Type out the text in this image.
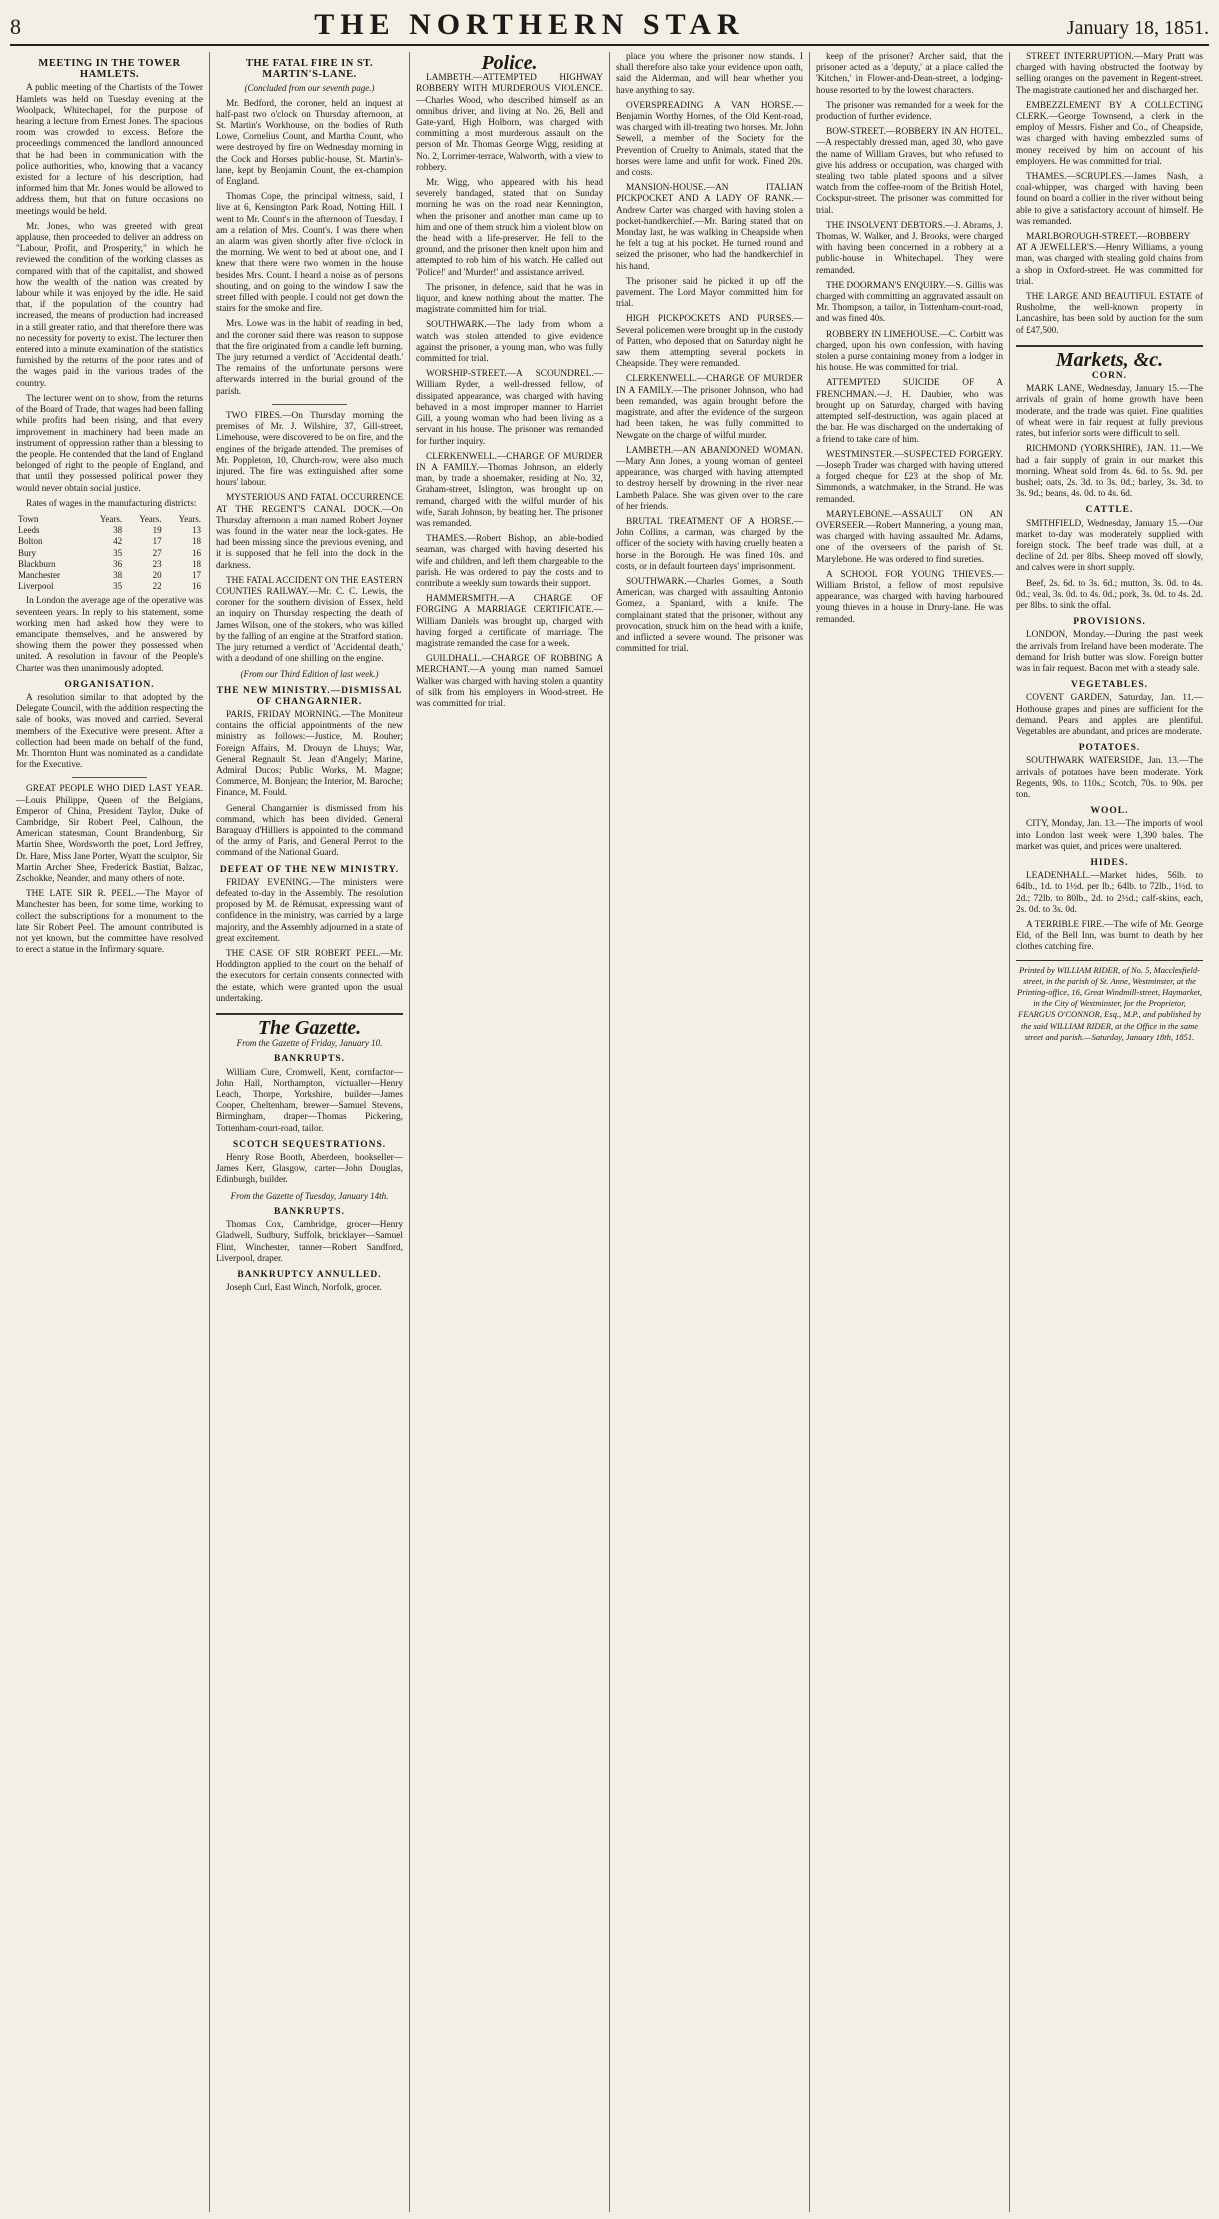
8	THE NORTHERN STAR	January 18, 1851.
MEETING IN THE TOWER HAMLETS.

A public meeting of the Chartists of the Tower Hamlets was held on Tuesday evening at the Woolpack, Whitechapel, for the purpose of hearing a lecture from Ernest Jones. The spacious room was crowded to excess. Before the proceedings commenced the landlord announced that he had been in communication with the police authorities, who, knowing that a vacancy existed for a lecture of his description, had informed him that Mr. Jones would be allowed to address them, but that on future occasions no meetings would be held.

Mr. Jones, who was greeted with great applause, then proceeded to deliver an address on "Labour, Profit, and Prosperity," in which he reviewed the condition of the working classes as compared with that of the capitalist, and showed how the wealth of the nation was created by labour while it was enjoyed by the idle. He said that, if the population of the country had increased, the means of production had increased in a still greater ratio, and that therefore there was no necessity for poverty to exist. The lecturer then entered into a minute examination of the statistics furnished by the returns of the poor rates and of the wages paid in the various trades of the country.

The lecturer went on to show, from the returns of the Board of Trade, that wages had been falling while profits had been rising, and that every improvement in machinery had been made an instrument of oppression rather than a blessing to the people. He contended that the land of England belonged of right to the people of England, and that until they possessed political power they would never obtain social justice.

Rates of wages in the manufacturing districts:

Town	Years.	Years.	Years.
Leeds	38	19	13
Bolton	42	17	18
Bury	35	27	16
Blackburn	36	23	18
Manchester	38	20	17
Liverpool	35	22	16

In London the average age of the operative was seventeen years. In reply to his statement, some working men had asked how they were to emancipate themselves, and he answered by showing them the power they possessed when united. A resolution in favour of the People's Charter was then unanimously adopted.

ORGANISATION.

A resolution similar to that adopted by the Delegate Council, with the addition respecting the sale of books, was moved and carried. Several members of the Executive were present. After a collection had been made on behalf of the fund, Mr. Thornton Hunt was nominated as a candidate for the Executive.

GREAT PEOPLE WHO DIED LAST YEAR.—Louis Philippe, Queen of the Belgians, Emperor of China, President Taylor, Duke of Cambridge, Sir Robert Peel, Calhoun, the American statesman, Count Brandenburg, Sir Martin Shee, Wordsworth the poet, Lord Jeffrey, Dr. Hare, Miss Jane Porter, Wyatt the sculptor, Sir Martin Archer Shee, Frederick Bastiat, Balzac, Zschokke, Neander, and many others of note.

THE LATE SIR R. PEEL.—The Mayor of Manchester has been, for some time, working to collect the subscriptions for a monument to the late Sir Robert Peel. The amount contributed is not yet known, but the committee have resolved to erect a statue in the Infirmary square.

THE FATAL FIRE IN ST. MARTIN'S-LANE.
(Concluded from our seventh page.)

Mr. Bedford, the coroner, held an inquest at half-past two o'clock on Thursday afternoon, at St. Martin's Workhouse, on the bodies of Ruth Lowe, Cornelius Count, and Martha Count, who were destroyed by fire on Wednesday morning in the Cock and Horses public-house, St. Martin's-lane, kept by Benjamin Count, the ex-champion of England.

Thomas Cope, the principal witness, said, I live at 6, Kensington Park Road, Notting Hill. I went to Mr. Count's in the afternoon of Tuesday. I am a relation of Mrs. Count's. I was there when an alarm was given shortly after five o'clock in the morning. We went to bed at about one, and I knew that there were two women in the house besides Mrs. Count. I heard a noise as of persons shouting, and on going to the window I saw the street filled with people. I could not get down the stairs for the smoke and fire.

Mrs. Lowe was in the habit of reading in bed, and the coroner said there was reason to suppose that the fire originated from a candle left burning. The jury returned a verdict of 'Accidental death.' The remains of the unfortunate persons were afterwards interred in the burial ground of the parish.

TWO FIRES.—On Thursday morning the premises of Mr. J. Wilshire, 37, Gill-street, Limehouse, were discovered to be on fire, and the engines of the brigade attended. The premises of Mr. Poppleton, 10, Church-row, were also much injured. The fire was extinguished after some hours' labour.

MYSTERIOUS AND FATAL OCCURRENCE AT THE REGENT'S CANAL DOCK.—On Thursday afternoon a man named Robert Joyner was found in the water near the lock-gates. He had been missing since the previous evening, and it is supposed that he fell into the dock in the darkness.

THE FATAL ACCIDENT ON THE EASTERN COUNTIES RAILWAY.—Mr. C. C. Lewis, the coroner for the southern division of Essex, held an inquiry on Thursday respecting the death of James Wilson, one of the stokers, who was killed by the falling of an engine at the Stratford station. The jury returned a verdict of 'Accidental death,' with a deodand of one shilling on the engine.

(From our Third Edition of last week.)
THE NEW MINISTRY.—DISMISSAL OF CHANGARNIER.

PARIS, FRIDAY MORNING.—The Moniteur contains the official appointments of the new ministry as follows:—Justice, M. Rouher; Foreign Affairs, M. Drouyn de Lhuys; War, General Regnault St. Jean d'Angely; Marine, Admiral Ducos; Public Works, M. Magne; Commerce, M. Bonjean; the Interior, M. Baroche; Finance, M. Fould.

General Changarnier is dismissed from his command, which has been divided. General Baraguay d'Hilliers is appointed to the command of the army of Paris, and General Perrot to the command of the National Guard.

DEFEAT OF THE NEW MINISTRY.

FRIDAY EVENING.—The ministers were defeated to-day in the Assembly. The resolution proposed by M. de Rémusat, expressing want of confidence in the ministry, was carried by a large majority, and the Assembly adjourned in a state of great excitement.

THE CASE OF SIR ROBERT PEEL.—Mr. Hoddington applied to the court on the behalf of the executors for certain consents connected with the estate, which were granted upon the usual undertaking.

The Gazette.
From the Gazette of Friday, January 10.
BANKRUPTS.

William Cure, Cromwell, Kent, cornfactor—John Hall, Northampton, victualler—Henry Leach, Thorpe, Yorkshire, builder—James Cooper, Cheltenham, brewer—Samuel Stevens, Birmingham, draper—Thomas Pickering, Tottenham-court-road, tailor.

SCOTCH SEQUESTRATIONS.

Henry Rose Booth, Aberdeen, bookseller—James Kerr, Glasgow, carter—John Douglas, Edinburgh, builder.

From the Gazette of Tuesday, January 14th.
BANKRUPTS.

Thomas Cox, Cambridge, grocer—Henry Gladwell, Sudbury, Suffolk, bricklayer—Samuel Flint, Winchester, tanner—Robert Sandford, Liverpool, draper.

BANKRUPTCY ANNULLED.

Joseph Curl, East Winch, Norfolk, grocer.

Police.

LAMBETH.—ATTEMPTED HIGHWAY ROBBERY WITH MURDEROUS VIOLENCE.—Charles Wood, who described himself as an omnibus driver, and living at No. 26, Bell and Gate-yard, High Holborn, was charged with committing a most murderous assault on the person of Mr. Thomas George Wigg, residing at No. 2, Lorrimer-terrace, Walworth, with a view to robbery.

Mr. Wigg, who appeared with his head severely bandaged, stated that on Sunday morning he was on the road near Kennington, when the prisoner and another man came up to him and one of them struck him a violent blow on the head with a life-preserver. He fell to the ground, and the prisoner then knelt upon him and attempted to rob him of his watch. He called out 'Police!' and 'Murder!' and assistance arrived.

The prisoner, in defence, said that he was in liquor, and knew nothing about the matter. The magistrate committed him for trial.

SOUTHWARK.—The lady from whom a watch was stolen attended to give evidence against the prisoner, a young man, who was fully committed for trial.

WORSHIP-STREET.—A SCOUNDREL.—William Ryder, a well-dressed fellow, of dissipated appearance, was charged with having behaved in a most improper manner to Harriet Gill, a young woman who had been living as a servant in his house. The prisoner was remanded for further inquiry.

CLERKENWELL.—CHARGE OF MURDER IN A FAMILY.—Thomas Johnson, an elderly man, by trade a shoemaker, residing at No. 32, Graham-street, Islington, was brought up on remand, charged with the wilful murder of his wife, Sarah Johnson, by beating her. The prisoner was remanded.

THAMES.—Robert Bishop, an able-bodied seaman, was charged with having deserted his wife and children, and left them chargeable to the parish. He was ordered to pay the costs and to contribute a weekly sum towards their support.

HAMMERSMITH.—A CHARGE OF FORGING A MARRIAGE CERTIFICATE.—William Daniels was brought up, charged with having forged a certificate of marriage. The magistrate remanded the case for a week.

GUILDHALL.—CHARGE OF ROBBING A MERCHANT.—A young man named Samuel Walker was charged with having stolen a quantity of silk from his employers in Wood-street. He was committed for trial.

place you where the prisoner now stands. I shall therefore also take your evidence upon oath, said the Alderman, and will hear whether you have anything to say.

OVERSPREADING A VAN HORSE.—Benjamin Worthy Hornes, of the Old Kent-road, was charged with ill-treating two horses. Mr. John Sewell, a member of the Society for the Prevention of Cruelty to Animals, stated that the horses were lame and unfit for work. Fined 20s. and costs.

MANSION-HOUSE.—AN ITALIAN PICKPOCKET AND A LADY OF RANK.—Andrew Carter was charged with having stolen a pocket-handkerchief.—Mr. Baring stated that on Monday last, he was walking in Cheapside when he felt a tug at his pocket. He turned round and seized the prisoner, who had the handkerchief in his hand.

The prisoner said he picked it up off the pavement. The Lord Mayor committed him for trial.

HIGH PICKPOCKETS AND PURSES.—Several policemen were brought up in the custody of Patten, who deposed that on Saturday night he saw them attempting several pockets in Cheapside. They were remanded.

CLERKENWELL.—CHARGE OF MURDER IN A FAMILY.—The prisoner Johnson, who had been remanded, was again brought before the magistrate, and after the evidence of the surgeon had been taken, he was fully committed to Newgate on the charge of wilful murder.

LAMBETH.—AN ABANDONED WOMAN.—Mary Ann Jones, a young woman of genteel appearance, was charged with having attempted to destroy herself by drowning in the river near Lambeth Palace. She was given over to the care of her friends.

BRUTAL TREATMENT OF A HORSE.—John Collins, a carman, was charged by the officer of the society with having cruelly beaten a horse in the Borough. He was fined 10s. and costs, or in default fourteen days' imprisonment.

SOUTHWARK.—Charles Gomes, a South American, was charged with assaulting Antonio Gomez, a Spaniard, with a knife. The complainant stated that the prisoner, without any provocation, struck him on the head with a knife, and inflicted a severe wound. The prisoner was committed for trial.

keep of the prisoner? Archer said, that the prisoner acted as a 'deputy,' at a place called the 'Kitchen,' in Flower-and-Dean-street, a lodging-house resorted to by the lowest characters.

The prisoner was remanded for a week for the production of further evidence.

BOW-STREET.—ROBBERY IN AN HOTEL.—A respectably dressed man, aged 30, who gave the name of William Graves, but who refused to give his address or occupation, was charged with stealing two table plated spoons and a silver watch from the coffee-room of the British Hotel, Cockspur-street. The prisoner was committed for trial.

THE INSOLVENT DEBTORS.—J. Abrams, J. Thomas, W. Walker, and J. Brooks, were charged with having been concerned in a robbery at a public-house in Whitechapel. They were remanded.

THE DOORMAN'S ENQUIRY.—S. Gillis was charged with committing an aggravated assault on Mr. Thompson, a tailor, in Tottenham-court-road, and was fined 40s.

ROBBERY IN LIMEHOUSE.—C. Corbitt was charged, upon his own confession, with having stolen a purse containing money from a lodger in his house. He was committed for trial.

ATTEMPTED SUICIDE OF A FRENCHMAN.—J. H. Daubier, who was brought up on Saturday, charged with having attempted self-destruction, was again placed at the bar. He was discharged on the undertaking of a friend to take care of him.

WESTMINSTER.—SUSPECTED FORGERY.—Joseph Trader was charged with having uttered a forged cheque for £23 at the shop of Mr. Simmonds, a watchmaker, in the Strand. He was remanded.

MARYLEBONE.—ASSAULT ON AN OVERSEER.—Robert Mannering, a young man, was charged with having assaulted Mr. Adams, one of the overseers of the parish of St. Marylebone. He was ordered to find sureties.

A SCHOOL FOR YOUNG THIEVES.—William Bristol, a fellow of most repulsive appearance, was charged with having harboured young thieves in a house in Drury-lane. He was remanded.

STREET INTERRUPTION.—Mary Pratt was charged with having obstructed the footway by selling oranges on the pavement in Regent-street. The magistrate cautioned her and discharged her.

EMBEZZLEMENT BY A COLLECTING CLERK.—George Townsend, a clerk in the employ of Messrs. Fisher and Co., of Cheapside, was charged with having embezzled sums of money received by him on account of his employers. He was committed for trial.

THAMES.—SCRUPLES.—James Nash, a coal-whipper, was charged with having been found on board a collier in the river without being able to give a satisfactory account of himself. He was remanded.

MARLBOROUGH-STREET.—ROBBERY AT A JEWELLER'S.—Henry Williams, a young man, was charged with stealing gold chains from a shop in Oxford-street. He was committed for trial.

THE LARGE AND BEAUTIFUL ESTATE of Rusholme, the well-known property in Lancashire, has been sold by auction for the sum of £47,500.

Markets, &c.
CORN.

MARK LANE, Wednesday, January 15.—The arrivals of grain of home growth have been moderate, and the trade was quiet. Fine qualities of wheat were in fair request at fully previous rates, but inferior sorts were difficult to sell.

RICHMOND (YORKSHIRE), JAN. 11.—We had a fair supply of grain in our market this morning. Wheat sold from 4s. 6d. to 5s. 9d. per bushel; oats, 2s. 3d. to 3s. 0d.; barley, 3s. 3d. to 3s. 9d.; beans, 4s. 0d. to 4s. 6d.

CATTLE.

SMITHFIELD, Wednesday, January 15.—Our market to-day was moderately supplied with foreign stock. The beef trade was dull, at a decline of 2d. per 8lbs. Sheep moved off slowly, and calves were in short supply.

Beef, 2s. 6d. to 3s. 6d.; mutton, 3s. 0d. to 4s. 0d.; veal, 3s. 0d. to 4s. 0d.; pork, 3s. 0d. to 4s. 2d. per 8lbs. to sink the offal.

PROVISIONS.

LONDON, Monday.—During the past week the arrivals from Ireland have been moderate. The demand for Irish butter was slow. Foreign butter was in fair request. Bacon met with a steady sale.

VEGETABLES.

COVENT GARDEN, Saturday, Jan. 11.—Hothouse grapes and pines are sufficient for the demand. Pears and apples are plentiful. Vegetables are abundant, and prices are moderate.

POTATOES.

SOUTHWARK WATERSIDE, Jan. 13.—The arrivals of potatoes have been moderate. York Regents, 90s. to 110s.; Scotch, 70s. to 90s. per ton.

WOOL.

CITY, Monday, Jan. 13.—The imports of wool into London last week were 1,390 bales. The market was quiet, and prices were unaltered.

HIDES.

LEADENHALL.—Market hides, 56lb. to 64lb., 1d. to 1½d. per lb.; 64lb. to 72lb., 1½d. to 2d.; 72lb. to 80lb., 2d. to 2½d.; calf-skins, each, 2s. 0d. to 3s. 0d.

A TERRIBLE FIRE.—The wife of Mr. George Eld, of the Bell Inn, was burnt to death by her clothes catching fire.

Printed by WILLIAM RIDER, of No. 5, Macclesfield-street, in the parish of St. Anne, Westminster, at the Printing-office, 16, Great Windmill-street, Haymarket, in the City of Westminster, for the Proprietor, FEARGUS O'CONNOR, Esq., M.P., and published by the said WILLIAM RIDER, at the Office in the same street and parish.—Saturday, January 18th, 1851.
